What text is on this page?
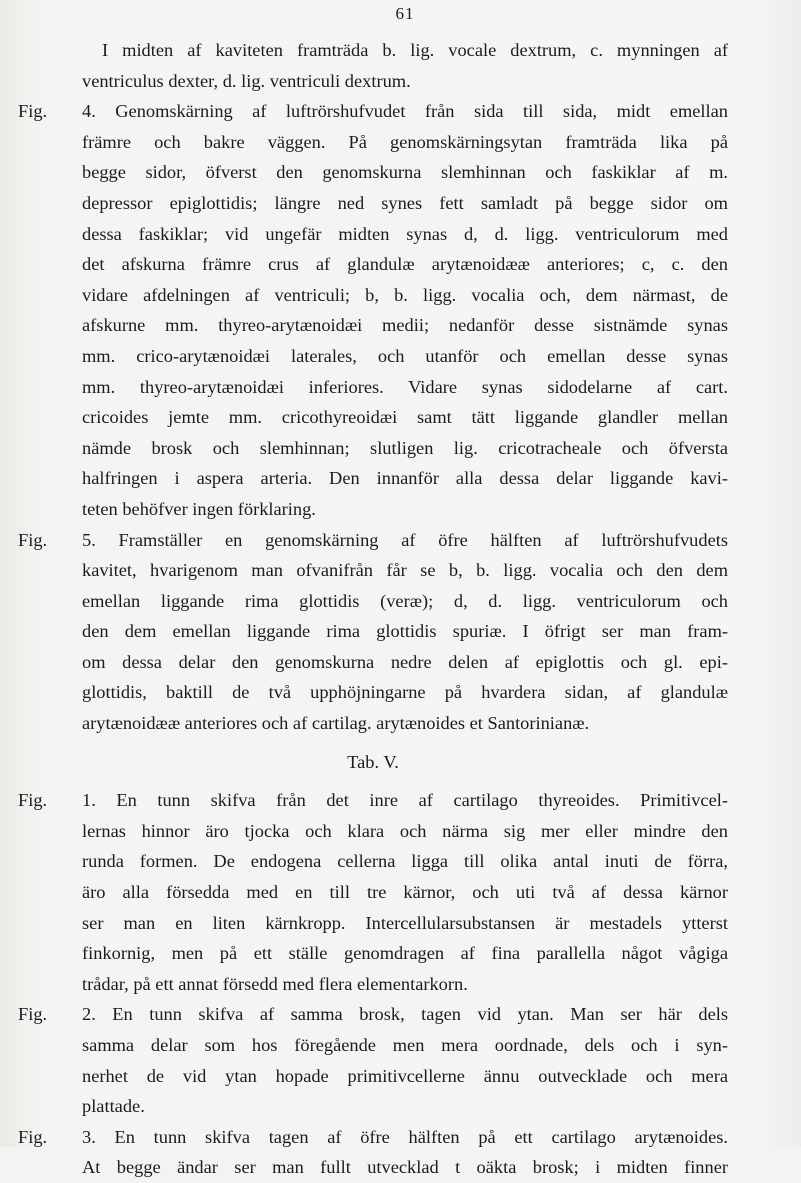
61
I midten af kaviteten framträda b. lig. vocale dextrum, c. mynningen af
ventriculus dexter, d. lig. ventriculi dextrum.
Fig.	4. Genomskärning af luftrörshufvudet från sida till sida, midt emellan
främre och bakre väggen. På genomskärningsytan framträda lika på
begge sidor, öfverst den genomskurna slemhinnan och faskiklar af m.
depressor epiglottidis; längre ned synes fett samladt på begge sidor om
dessa faskiklar; vid ungefär midten synas d, d. ligg. ventriculorum med
det afskurna främre crus af glandulæ arytænoidææ anteriores; c, c. den
vidare afdelningen af ventriculi; b, b. ligg. vocalia och, dem närmast, de
afskurne mm. thyreo-arytænoidæi medii; nedanför desse sistnämde synas
mm. crico-arytænoidæi laterales, och utanför och emellan desse synas
mm. thyreo-arytænoidæi inferiores. Vidare synas sidodelarne af cart.
cricoides jemte mm. cricothyreoidæi samt tätt liggande glandler mellan
nämde brosk och slemhinnan; slutligen lig. cricotracheale och öfversta
halfringen i aspera arteria. Den innanför alla dessa delar liggande kavi-
teten behöfver ingen förklaring.
Fig.	5. Framställer en genomskärning af öfre hälften af luftrörshufvudets
kavitet, hvarigenom man ofvanifrån får se b, b. ligg. vocalia och den dem
emellan liggande rima glottidis (veræ); d, d. ligg. ventriculorum och
den dem emellan liggande rima glottidis spuriæ. I öfrigt ser man fram-
om dessa delar den genomskurna nedre delen af epiglottis och gl. epi-
glottidis, baktill de två upphöjningarne på hvardera sidan, af glandulæ
arytænoidææ anteriores och af cartilag. arytænoides et Santorinianæ.
Tab. V.
Fig.	1. En tunn skifva från det inre af cartilago thyreoides. Primitivcel-
lernas hinnor äro tjocka och klara och närma sig mer eller mindre den
runda formen. De endogena cellerna ligga till olika antal inuti de förra,
äro alla försedda med en till tre kärnor, och uti två af dessa kärnor
ser man en liten kärnkropp. Intercellularsubstansen är mestadels ytterst
finkornig, men på ett ställe genomdragen af fina parallella något vågiga
trådar, på ett annat försedd med flera elementarkorn.
Fig.	2. En tunn skifva af samma brosk, tagen vid ytan. Man ser här dels
samma delar som hos föregående men mera oordnade, dels och i syn-
nerhet de vid ytan hopade primitivcellerne ännu outvecklade och mera
plattade.
Fig.	3. En tunn skifva tagen af öfre hälften på ett cartilago arytænoides.
At begge ändar ser man fullt utvecklad t oäkta brosk; i midten finner
